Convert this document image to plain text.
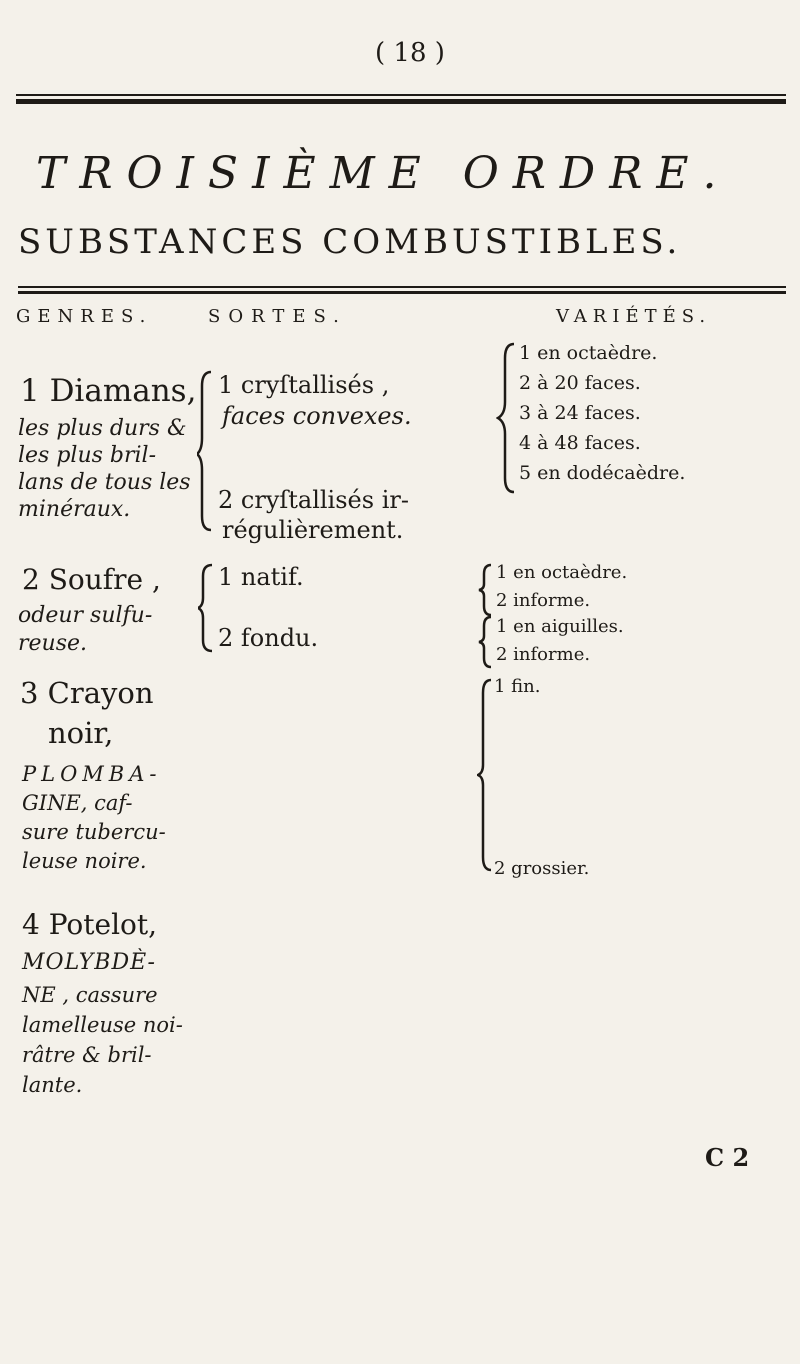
( 18 )
TROISIÈME ORDRE.
SUBSTANCES COMBUSTIBLES.
GENRES.	SORTES.	VARIÉTÉS.
1 Diamans,
les plus durs &
les plus bril-
lans de tous les
minéraux.
1 cryſtallisés ,
faces convexes.
2 cryſtallisés ir-
régulièrement.
1 en octaèdre.
2 à 20 faces.
3 à 24 faces.
4 à 48 faces.
5 en dodécaèdre.
2 Soufre ,
odeur sulfu-
reuse.
1 natif.
2 fondu.
1 en octaèdre.
2 informe.
1 en aiguilles.
2 informe.
3 Crayon
noir,
PLOMBA-
GINE, caf-
sure tubercu-
leuse noire.
1 fin.
2 grossier.
4 Potelot,
MOLYBDÈ-
NE , cassure
lamelleuse noi-
râtre & bril-
lante.
C 2
